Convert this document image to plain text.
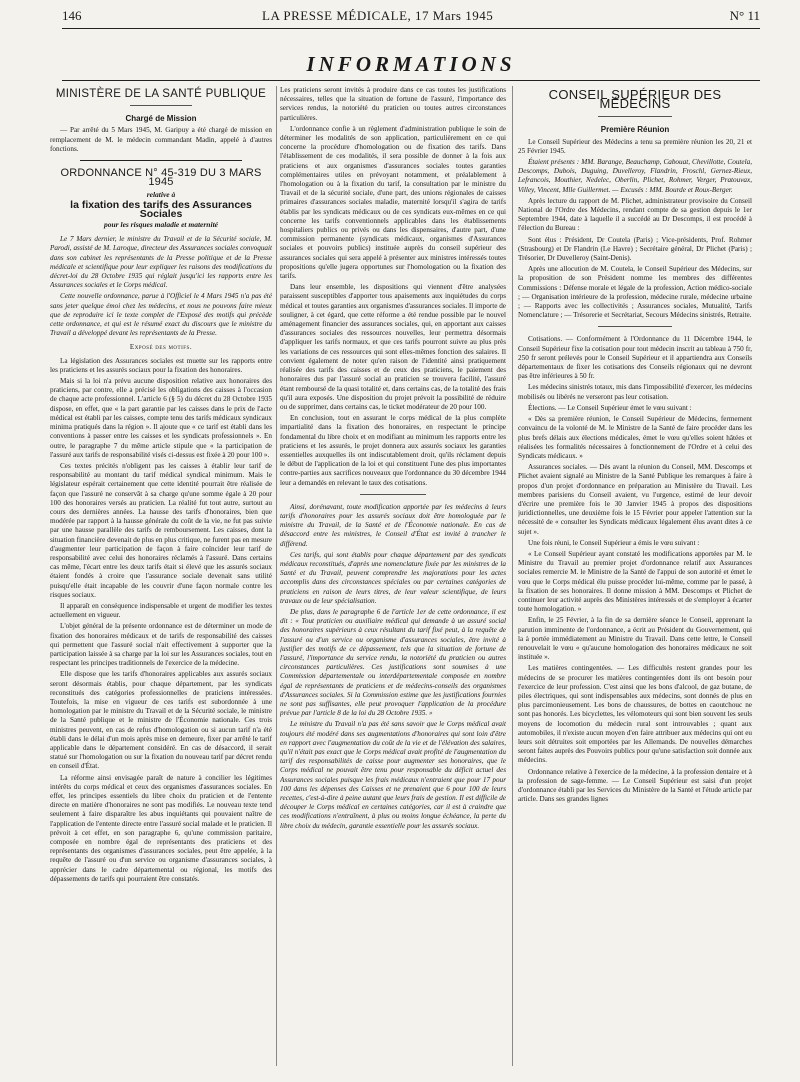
146	LA PRESSE MÉDICALE, 17 Mars 1945	N° 11
INFORMATIONS
MINISTÈRE DE LA SANTÉ PUBLIQUE
Chargé de Mission

— Par arrêté du 5 Mars 1945, M. Garipuy a été chargé de mission en remplacement de M. le médecin commandant Madin, appelé à d'autres fonctions.

ORDONNANCE N° 45-319 DU 3 MARS 1945
relative à
la fixation des tarifs des Assurances Sociales
pour les risques maladie et maternité

Le 7 Mars dernier, le ministre du Travail et de la Sécurité sociale, M. Parodi, assisté de M. Laroque, directeur des Assurances sociales convoquait dans son cabinet les représentants de la Presse politique et de la Presse médicale et scientifique pour leur expliquer les raisons des modifications du décret-loi du 28 Octobre 1935 qui réglait jusqu'ici les rapports entre les Assurances sociales et le Corps médical.

Cette nouvelle ordonnance, parue à l'Officiel le 4 Mars 1945 n'a pas été sans jeter quelque émoi chez les médecins, et nous ne pouvons faire mieux que de reproduire ici le texte complet de l'Exposé des motifs qui précède cette ordonnance, et qui est le résumé exact du discours que le ministre du Travail a développé devant les représentants de la Presse.

Exposé des motifs.

La législation des Assurances sociales est muette sur les rapports entre les praticiens et les assurés sociaux pour la fixation des honoraires.

Mais si la loi n'a prévu aucune disposition relative aux honoraires des praticiens, par contre, elle a précisé les obligations des caisses à l'occasion de chaque acte professionnel. L'article 6 (§ 5) du décret du 28 Octobre 1935 dispose, en effet, que « la part garantie par les caisses dans le prix de l'acte médical est établi par les caisses, compte tenu des tarifs médicaux syndicaux minima pratiqués dans la région ». Il ajoute que « ce tarif est établi dans les conventions à passer entre les caisses et les syndicats professionnels ». En outre, le paragraphe 7 du même article stipule que « la participation de l'assuré aux tarifs de responsabilité visés ci-dessus est fixée à 20 pour 100 ».

Ces textes précités n'obligent pas les caisses à établir leur tarif de responsabilité au montant du tarif médical syndical minimum. Mais le législateur espérait certainement que cette identité pourrait être réalisée de façon que l'assuré ne conservât à sa charge qu'une somme égale à 20 pour 100 des honoraires versés au praticien. La réalité fut tout autre, surtout au cours des dernières années. La hausse des tarifs d'honoraires, bien que modérée par rapport à la hausse générale du coût de la vie, ne fut pas suivie par une hausse parallèle des tarifs de remboursement. Les caisses, dont la situation financière devenait de plus en plus critique, ne furent pas en mesure d'augmenter leur participation de façon à faire coïncider leur tarif de responsabilité avec celui des honoraires réclamés à l'assuré. Dans certains cas même, l'écart entre les deux tarifs était si élevé que les assurés sociaux étaient fondés à croire que l'assurance sociale devenait sans utilité puisqu'elle était incapable de les couvrir d'une façon normale contre les risques sociaux.

Il apparaît en conséquence indispensable et urgent de modifier les textes actuellement en vigueur.

L'objet général de la présente ordonnance est de déterminer un mode de fixation des honoraires médicaux et de tarifs de responsabilité des caisses qui permettent que l'assuré social n'ait effectivement à supporter que la participation laissée à sa charge par la loi sur les Assurances sociales, tout en respectant les principes traditionnels de l'exercice de la médecine.

Elle dispose que les tarifs d'honoraires applicables aux assurés sociaux seront désormais établis, pour chaque département, par les syndicats reconstitués des catégories professionnelles de praticiens intéressées. Toutefois, la mise en vigueur de ces tarifs est subordonnée à une homologation par le ministre du Travail et de la Sécurité sociale, le ministre de la Santé publique et le ministre de l'Économie nationale. Ces trois ministres peuvent, en cas de refus d'homologation ou si aucun tarif n'a été établi dans le délai d'un mois après mise en demeure, fixer par arrêté le tarif applicable dans le département considéré. En cas de désaccord, il serait statué sur l'homologation ou sur la fixation du nouveau tarif par décret rendu en conseil d'État.

La réforme ainsi envisagée paraît de nature à concilier les légitimes intérêts du corps médical et ceux des organismes d'assurances sociales. En effet, les principes essentiels du libre choix du praticien et de l'entente directe en matière d'honoraires ne sont pas modifiés. Le nouveau texte tend seulement à faire disparaître les abus inquiétants qui pouvaient naître de l'application de l'entente directe entre l'assuré social malade et le praticien. Il prévoit à cet effet, en son paragraphe 6, qu'une commission paritaire, composée en nombre égal de représentants des praticiens et des représentants des organismes d'assurances sociales, peut être appelée, à la requête de l'assuré ou d'un service ou organisme d'assurances sociales, à apprécier dans le cadre départemental ou régional, les motifs des dépassements de tarifs qui pourraient être constatés.

Les praticiens seront invités à produire dans ce cas toutes les justifications nécessaires, telles que la situation de fortune de l'assuré, l'importance des services rendus, la notoriété du praticien ou toutes autres circonstances particulières.

L'ordonnance confie à un règlement d'administration publique le soin de déterminer les modalités de son application, particulièrement en ce qui concerne la procédure d'homologation ou de fixation des tarifs. Dans l'établissement de ces modalités, il sera possible de donner à la fois aux praticiens et aux organismes d'assurances sociales toutes garanties complémentaires utiles en prévoyant notamment, et préalablement à l'homologation ou à la fixation du tarif, la consultation par le ministre du Travail et de la sécurité sociale, d'une part, des unions régionales de caisses primaires d'assurances sociales maladie, maternité lorsqu'il s'agira de tarifs établis par les syndicats médicaux ou de ces syndicats eux-mêmes en ce qui concerne les tarifs conventionnels applicables dans les établissements hospitaliers publics ou privés ou dans les dispensaires, d'autre part, d'une commission permanente (syndicats médicaux, organismes d'Assurances sociales et pouvoirs publics) instituée auprès du conseil supérieur des assurances sociales qui sera appelé à présenter aux ministres intéressés toutes propositions qu'elle jugera opportunes sur l'homologation ou la fixation des tarifs.

Dans leur ensemble, les dispositions qui viennent d'être analysées paraissent susceptibles d'apporter tous apaisements aux inquiétudes du corps médical et toutes garanties aux organismes d'assurances sociales. Il importe de souligner, à cet égard, que cette réforme a été rendue possible par le nouvel aménagement financier des assurances sociales, qui, en apportant aux caisses d'assurances sociales des ressources nouvelles, leur permettra désormais d'appliquer les tarifs normaux, et que ces tarifs pourront suivre au plus près les variations de ces ressources qui sont elles-mêmes fonction des salaires. Il convient également de noter qu'en raison de l'identité ainsi pratiquement réalisée des tarifs des caisses et de ceux des praticiens, le paiement des honoraires dus par l'assuré social au praticien se trouvera facilité, l'assuré étant remboursé de la quasi totalité et, dans certains cas, de la totalité des frais qu'il aura exposés. Une disposition du projet prévoit la possibilité de réduire ou de supprimer, dans certains cas, le ticket modérateur de 20 pour 100.

En conclusion, tout en assurant le corps médical de la plus complète impartialité dans la fixation des honoraires, en respectant le principe fondamental du libre choix et en modifiant au minimum les rapports entre les praticiens et les assurés, le projet donnera aux assurés sociaux les garanties essentielles auxquelles ils ont indiscutablement droit, qu'ils réclament depuis le début de l'application de la loi et qui constituent l'une des plus importantes contre-parties aux sacrifices nouveaux que l'ordonnance du 30 décembre 1944 leur a demandés en relevant le taux des cotisations.

Ainsi, dorénavant, toute modification apportée par les médecins à leurs tarifs d'honoraires pour les assurés sociaux doit être homologuée par le ministre du Travail, de la Santé et de l'Économie nationale. En cas de désaccord entre les ministres, le Conseil d'État est invité à trancher le différend.

Ces tarifs, qui sont établis pour chaque département par des syndicats médicaux reconstitués, d'après une nomenclature fixée par les ministres de la Santé et du Travail, peuvent comprendre les majorations pour les actes accomplis dans des circonstances spéciales ou par certaines catégories de praticiens en raison de leurs titres, de leur valeur scientifique, de leurs travaux ou de leur spécialisation.

De plus, dans le paragraphe 6 de l'article 1er de cette ordonnance, il est dit : « Tout praticien ou auxiliaire médical qui demande à un assuré social des honoraires supérieurs à ceux résultant du tarif fixé peut, à la requête de l'assuré ou d'un service ou organisme d'assurances sociales, être invité à justifier des motifs de ce dépassement, tels que la situation de fortune de l'assuré, l'importance du service rendu, la notoriété du praticien ou autres circonstances particulières. Ces justifications sont soumises à une Commission départementale ou interdépartementale composée en nombre égal de représentants de praticiens et de médecins-conseils des organismes d'Assurances sociales. Si la Commission estime que les justifications fournies ne sont pas suffisantes, elle peut provoquer l'application de la procédure prévue par l'article 8 de la loi du 28 Octobre 1935. »

Le ministre du Travail n'a pas été sans savoir que le Corps médical avait toujours été modéré dans ses augmentations d'honoraires qui sont loin d'être en rapport avec l'augmentation du coût de la vie et de l'élévation des salaires, qu'il n'était pas exact que le Corps médical avait profité de l'augmentation du tarif des responsabilités de caisse pour augmenter ses honoraires, que le Corps médical ne pouvait être tenu pour responsable du déficit actuel des Assurances sociales puisque les frais médicaux n'entraient que pour 17 pour 100 dans les dépenses des Caisses et ne prenaient que 6 pour 100 de leurs recettes, c'est-à-dire à peine autant que leurs frais de gestion. Il est difficile de découper le Corps médical en certaines catégories, car il est à craindre que ces modifications n'entraînent, à plus ou moins longue échéance, la perte du libre choix du médecin, garantie essentielle pour les assurés sociaux.

CONSEIL SUPÉRIEUR DES MÉDECINS
Première Réunion

Le Conseil Supérieur des Médecins a tenu sa première réunion les 20, 21 et 25 Février 1945.

Étaient présents : MM. Barange, Beauchamp, Cabouat, Chevillotte, Coutela, Descomps, Dubois, Duguing, Duvelleroy, Flandrin, Froschl, Gernez-Rieux, Lefrancois, Mouthier, Nedelec, Oberlin, Plichet, Rohmer, Verger, Pratouvax, Villey, Vincent, Mlle Guillermet. — Excusés : MM. Bourde et Roux-Berger.

Après lecture du rapport de M. Plichet, administrateur provisoire du Conseil National de l'Ordre des Médecins, rendant compte de sa gestion depuis le 1er Septembre 1944, date à laquelle il a succédé au Dr Descomps, il est procédé à l'élection du Bureau :

Sont élus : Président, Dr Coutela (Paris) ; Vice-présidents, Prof. Rohmer (Strasbourg) et Dr Flandrin (Le Havre) ; Secrétaire général, Dr Plichet (Paris) ; Trésorier, Dr Duvelleroy (Saint-Denis).

Après une allocution de M. Coutela, le Conseil Supérieur des Médecins, sur la proposition de son Président nomme les membres des différentes Commissions : Défense morale et légale de la profession, Action médico-sociale ; — Organisation intérieure de la profession, médecine rurale, médecine urbaine ; — Rapports avec les collectivités ; Assurances sociales, Mutualité, Tarifs Nomenclature ; — Trésorerie et Secrétariat, Secours Médecins sinistrés, Retraite.

Cotisations. — Conformément à l'Ordonnance du 11 Décembre 1944, le Conseil Supérieur fixe la cotisation pour tout médecin inscrit au tableau à 750 fr, 250 fr seront prélevés pour le Conseil Supérieur et il appartiendra aux Conseils départementaux de fixer les cotisations des Conseils régionaux qui ne devront pas être inférieures à 50 fr.

Les médecins sinistrés totaux, mis dans l'impossibilité d'exercer, les médecins mobilisés ou libérés ne verseront pas leur cotisation.

Élections. — Le Conseil Supérieur émet le vœu suivant :

« Dès sa première réunion, le Conseil Supérieur de Médecins, fermement convaincu de la volonté de M. le Ministre de la Santé de faire procéder dans les plus brefs délais aux élections médicales, émet le vœu qu'elles soient hâtées et réalisées les formalités nécessaires à fonctionnement de l'Ordre et à celui des Syndicats médicaux. »

Assurances sociales. — Dès avant la réunion du Conseil, MM. Descomps et Plichet avaient signalé au Ministre de la Santé Publique les remarques à faire à propos d'un projet d'ordonnance en préparation au Ministère du Travail. Les membres parisiens du Conseil avaient, vu l'urgence, estimé de leur devoir d'écrire une première fois le 30 Janvier 1945 à propos des dispositions juridictionnelles, une deuxième fois le 15 Février pour appeler l'attention sur la nécessité de « consulter les Syndicats médicaux légalement élus avant dites à ce sujet ».

Une fois réuni, le Conseil Supérieur a émis le vœu suivant :

« Le Conseil Supérieur ayant constaté les modifications apportées par M. le Ministre du Travail au premier projet d'ordonnance relatif aux Assurances sociales remercie M. le Ministre de la Santé de l'appui de son autorité et émet le vœu que le Corps médical élu puisse procéder lui-même, comme par le passé, à la fixation de ses honoraires. Il donne mission à MM. Descomps et Plichet de continuer leur activité auprès des Ministères intéressés et de s'employer à écarter toute homologation. »

Enfin, le 25 Février, à la fin de sa dernière séance le Conseil, apprenant la parution imminente de l'ordonnance, a écrit au Président du Gouvernement, qui la à portée immédiatement au Ministre du Travail. Dans cette lettre, le Conseil renouvelait le vœu « qu'aucune homologation des honoraires médicaux ne soit instituée ».

Les matières contingentées. — Les difficultés restent grandes pour les médecins de se procurer les matières contingentées dont ils ont besoin pour l'exercice de leur profession. C'est ainsi que les bons d'alcool, de gaz butane, de piles électriques, qui sont indispensables aux médecins, sont donnés de plus en plus parcimonieusement. Les bons de chaussures, de bottes en caoutchouc ne sont pas honorés. Les bicyclettes, les vélomoteurs qui sont bien souvent les seuls moyens de locomotion du médecin rural sont introuvables ; quant aux automobiles, il n'existe aucun moyen d'en faire attribuer aux médecins qui ont eu leurs soit détruites soit emportées par les Allemands. De nouvelles démarches seront faites auprès des Pouvoirs publics pour qu'une satisfaction soit donnée aux médecins.

Ordonnance relative à l'exercice de la médecine, à la profession dentaire et à la profession de sage-femme. — Le Conseil Supérieur est saisi d'un projet d'ordonnance établi par les Services du Ministère de la Santé et l'étude article par article. Dans ses grandes lignes
